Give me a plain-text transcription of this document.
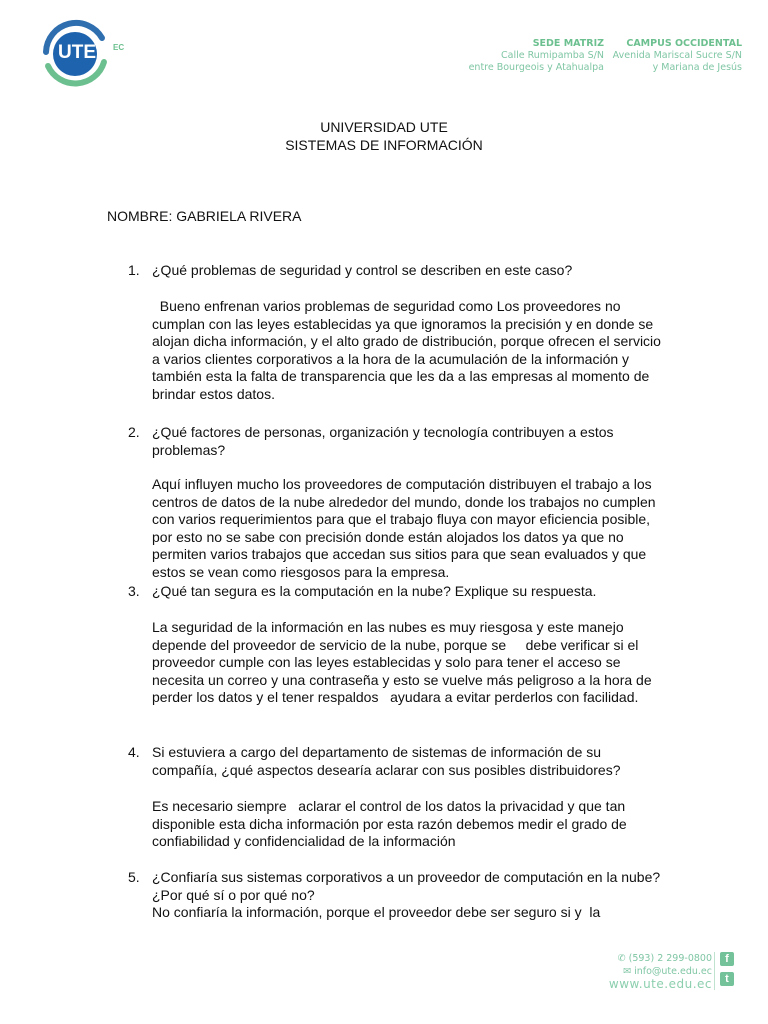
UTE EC	SEDE MATRIZ
Calle Rumipamba S/N
entre Bourgeois y Atahualpa
CAMPUS OCCIDENTAL
Avenida Mariscal Sucre S/N
y Mariana de Jesús
UNIVERSIDAD UTE
SISTEMAS DE INFORMACIÓN
NOMBRE: GABRIELA RIVERA
1. ¿Qué problemas de seguridad y control se describen en este caso?
Bueno enfrenan varios problemas de seguridad como Los proveedores no cumplan con las leyes establecidas ya que ignoramos la precisión y en donde se alojan dicha información, y el alto grado de distribución, porque ofrecen el servicio a varios clientes corporativos a la hora de la acumulación de la información y también esta la falta de transparencia que les da a las empresas al momento de brindar estos datos.
2. ¿Qué factores de personas, organización y tecnología contribuyen a estos problemas?
Aquí influyen mucho los proveedores de computación distribuyen el trabajo a los centros de datos de la nube alrededor del mundo, donde los trabajos no cumplen con varios requerimientos para que el trabajo fluya con mayor eficiencia posible, por esto no se sabe con precisión donde están alojados los datos ya que no permiten varios trabajos que accedan sus sitios para que sean evaluados y que estos se vean como riesgosos para la empresa.
3. ¿Qué tan segura es la computación en la nube? Explique su respuesta.
La seguridad de la información en las nubes es muy riesgosa y este manejo depende del proveedor de servicio de la nube, porque se     debe verificar si el proveedor cumple con las leyes establecidas y solo para tener el acceso se necesita un correo y una contraseña y esto se vuelve más peligroso a la hora de perder los datos y el tener respaldos   ayudara a evitar perderlos con facilidad.
4. Si estuviera a cargo del departamento de sistemas de información de su compañía, ¿qué aspectos desearía aclarar con sus posibles distribuidores?
Es necesario siempre   aclarar el control de los datos la privacidad y que tan disponible esta dicha información por esta razón debemos medir el grado de confiabilidad y confidencialidad de la información
5. ¿Confiaría sus sistemas corporativos a un proveedor de computación en la nube? ¿Por qué sí o por qué no?
No confiaría la información, porque el proveedor debe ser seguro si y  la
✆ (593) 2 299-0800
✉ info@ute.edu.ec
www.ute.edu.ec
f
t
